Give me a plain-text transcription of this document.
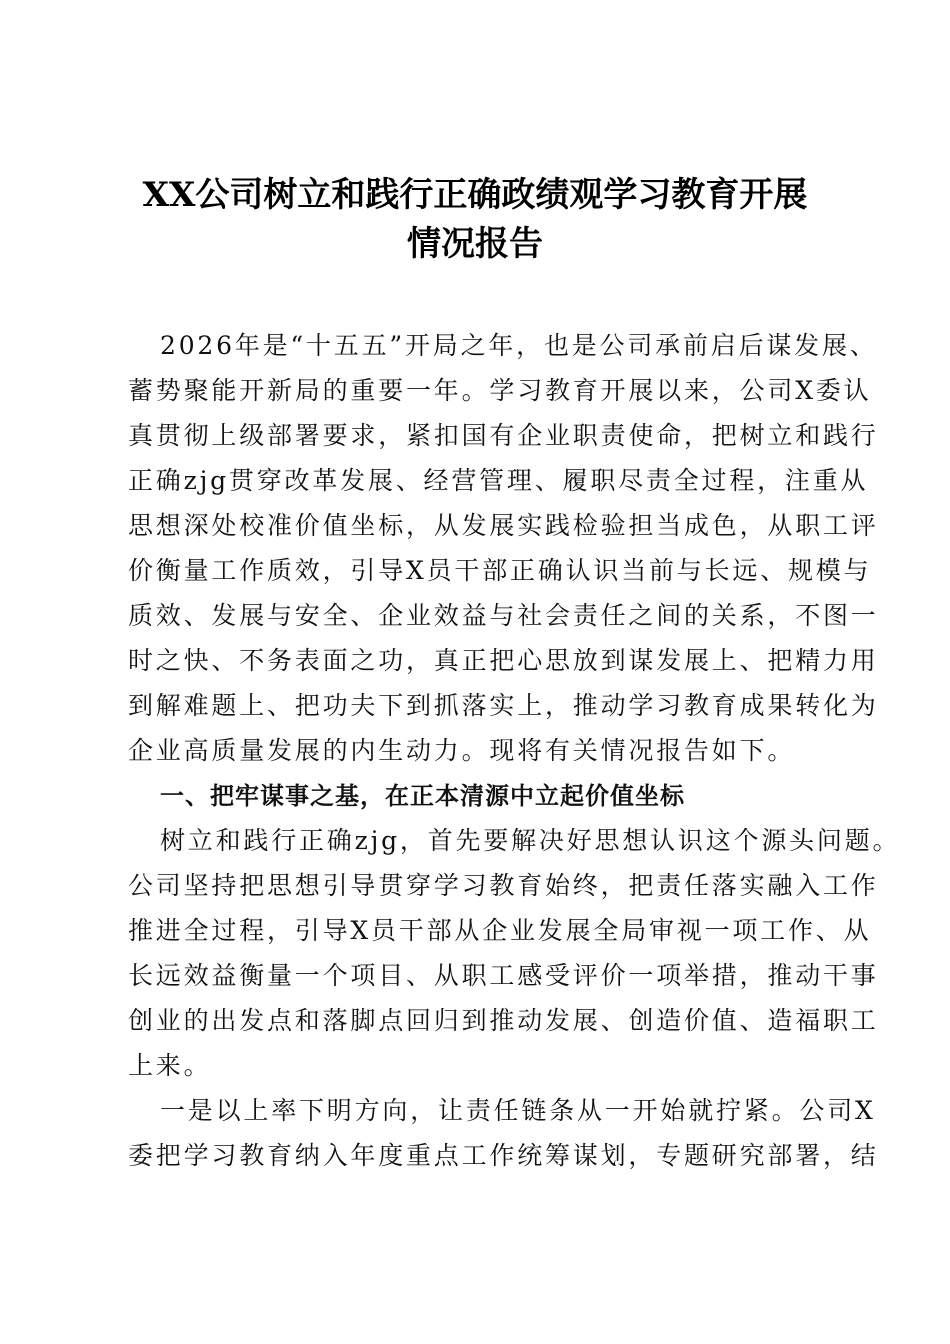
XX公司树立和践行正确政绩观学习教育开展
情况报告

2026年是“十五五”开局之年，也是公司承前启后谋发展、

蓄势聚能开新局的重要一年。学习教育开展以来，公司X委认

真贯彻上级部署要求，紧扣国有企业职责使命，把树立和践行

正确zjg贯穿改革发展、经营管理、履职尽责全过程，注重从

思想深处校准价值坐标，从发展实践检验担当成色，从职工评

价衡量工作质效，引导X员干部正确认识当前与长远、规模与

质效、发展与安全、企业效益与社会责任之间的关系，不图一

时之快、不务表面之功，真正把心思放到谋发展上、把精力用

到解难题上、把功夫下到抓落实上，推动学习教育成果转化为

企业高质量发展的内生动力。现将有关情况报告如下。

一、把牢谋事之基，在正本清源中立起价值坐标

树立和践行正确zjg，首先要解决好思想认识这个源头问题。

公司坚持把思想引导贯穿学习教育始终，把责任落实融入工作

推进全过程，引导X员干部从企业发展全局审视一项工作、从

长远效益衡量一个项目、从职工感受评价一项举措，推动干事

创业的出发点和落脚点回归到推动发展、创造价值、造福职工

上来。

一是以上率下明方向，让责任链条从一开始就拧紧。公司X

委把学习教育纳入年度重点工作统筹谋划，专题研究部署，结
